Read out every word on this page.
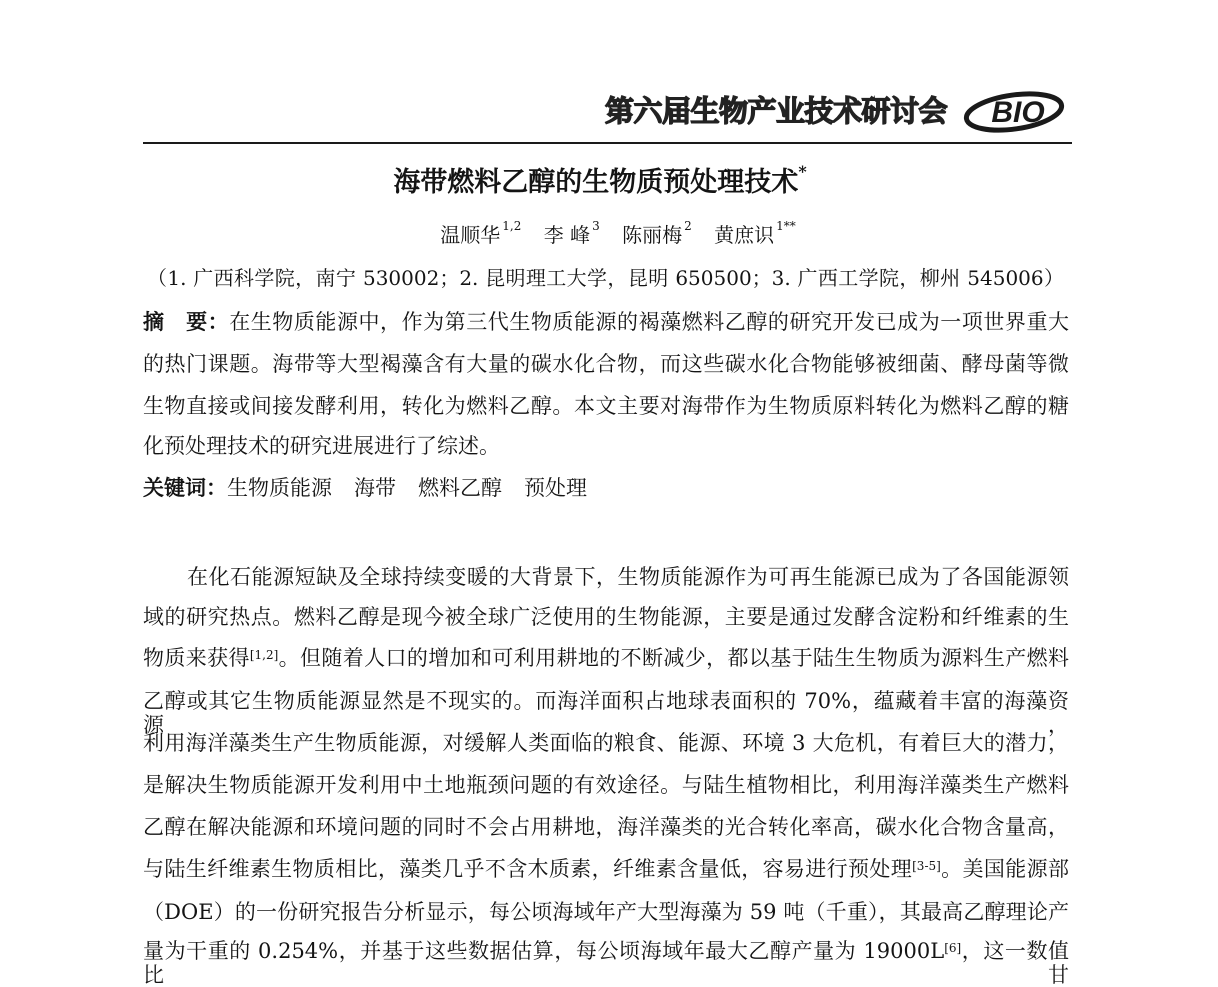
第六届生物产业技术研讨会	BIO
海带燃料乙醇的生物质预处理技术*
温顺华 $^{1,2}$ 李 峰 $^3$ 陈丽梅 $^2$ 黄庶识 $^{1**}$
（1. 广西科学院，南宁 530002；2. 昆明理工大学，昆明 650500；3. 广西工学院，柳州 545006）
摘　要：在生物质能源中，作为第三代生物质能源的褐藻燃料乙醇的研究开发已成为一项世界重大
的热门课题。海带等大型褐藻含有大量的碳水化合物，而这些碳水化合物能够被细菌、酵母菌等微
生物直接或间接发酵利用，转化为燃料乙醇。本文主要对海带作为生物质原料转化为燃料乙醇的糖
化预处理技术的研究进展进行了综述。
关键词：生物质能源 海带 燃料乙醇 预处理
在化石能源短缺及全球持续变暖的大背景下，生物质能源作为可再生能源已成为了各国能源领
域的研究热点。燃料乙醇是现今被全球广泛使用的生物能源，主要是通过发酵含淀粉和纤维素的生
物质来获得[1,2]。但随着人口的增加和可利用耕地的不断减少，都以基于陆生生物质为源料生产燃料
乙醇或其它生物质能源显然是不现实的。而海洋面积占地球表面积的 70%，蕴藏着丰富的海藻资源，
利用海洋藻类生产生物质能源，对缓解人类面临的粮食、能源、环境 3 大危机，有着巨大的潜力，
是解决生物质能源开发利用中土地瓶颈问题的有效途径。与陆生植物相比，利用海洋藻类生产燃料
乙醇在解决能源和环境问题的同时不会占用耕地，海洋藻类的光合转化率高，碳水化合物含量高，
与陆生纤维素生物质相比，藻类几乎不含木质素，纤维素含量低，容易进行预处理[3-5]。美国能源部
（DOE）的一份研究报告分析显示，每公顷海域年产大型海藻为 59 吨（千重），其最高乙醇理论产
量为干重的 0.254%，并基于这些数据估算，每公顷海域年最大乙醇产量为 19000L[6]，这一数值比甘
